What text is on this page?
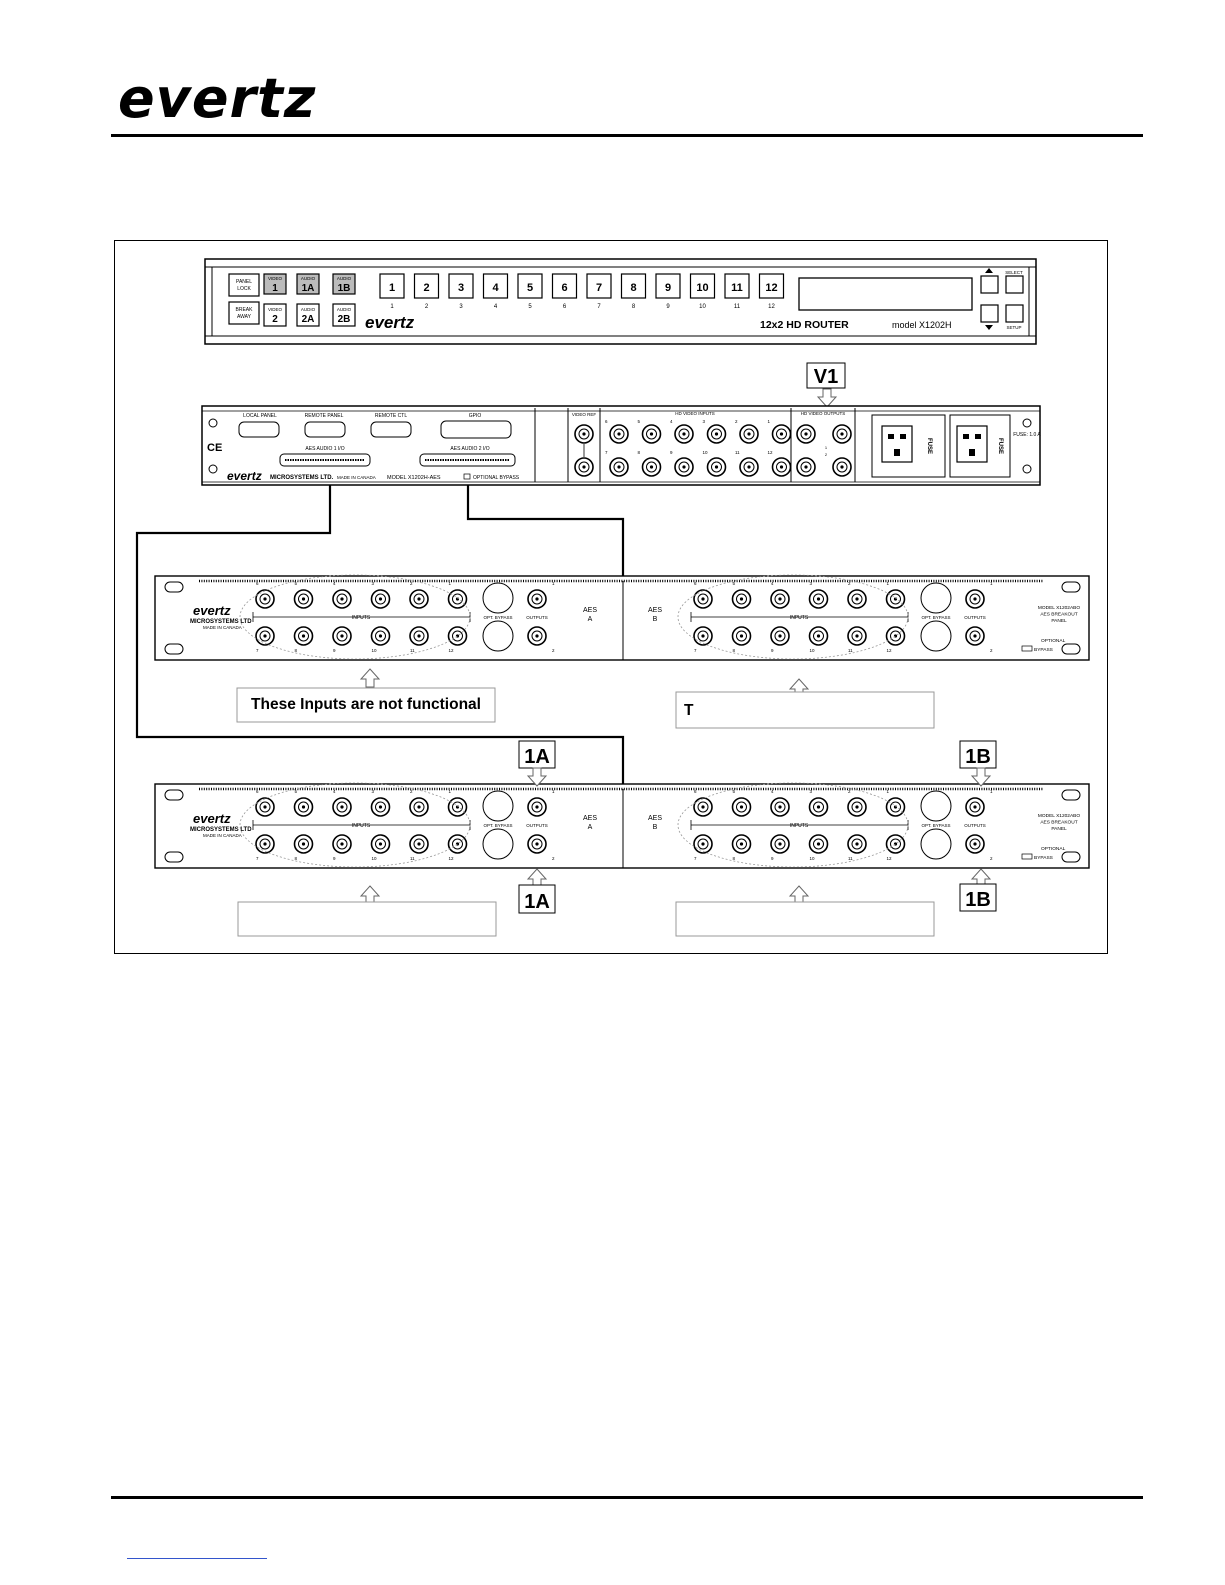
evertz
PANEL
LOCK
BREAK
AWAY
VIDEO
1
AUDIO
1A
AUDIO
1B
VIDEO
2
AUDIO
2A
AUDIO
2B
1
1
2
2
3
3
4
4
5
5
6
6
7
7
8
8
9
9
10
10
11
11
12
12
evertz	12x2 HD ROUTER	model X1202H
SELECT
SETUP
V1
CE
LOCAL PANEL	REMOTE PANEL	REMOTE CTL	GPIO
AES AUDIO 1 I/O	AES AUDIO 2 I/O
evertz MICROSYSTEMS LTD. MADE IN CANADA MODEL X1202H-AES	OPTIONAL BYPASS
VIDEO REF	HD VIDEO INPUTS
6
7
5
8
4
9
3
10
2
11
1
12
HD VIDEO OUTPUTS
1
2
FUSE	FUSE
FUSE: 1.0 A
evertz
MICROSYSTEMS LTD
MADE IN CANADA
6
7
5
8
4
9
3
10
2
11
1
12
INPUTS	OPT. BYPASS	OUTPUTS
1
2
AES
A
6
7
5
8
4
9
3
10
2
11
1
12
INPUTS	OPT. BYPASS	OUTPUTS
1
2
AES
B
MODEL X1202ABO
AES BREAKOUT
PANEL
OPTIONAL
BYPASS
evertz
MICROSYSTEMS LTD
MADE IN CANADA
6
7
5
8
4
9
3
10
2
11
1
12
INPUTS	OPT. BYPASS	OUTPUTS
1
2
AES
A
6
7
5
8
4
9
3
10
2
11
1
12
INPUTS	OPT. BYPASS	OUTPUTS
1
2
AES
B
MODEL X1202ABO
AES BREAKOUT
PANEL
OPTIONAL
BYPASS
These Inputs are not functional	T
1A	1B
1A	1B
